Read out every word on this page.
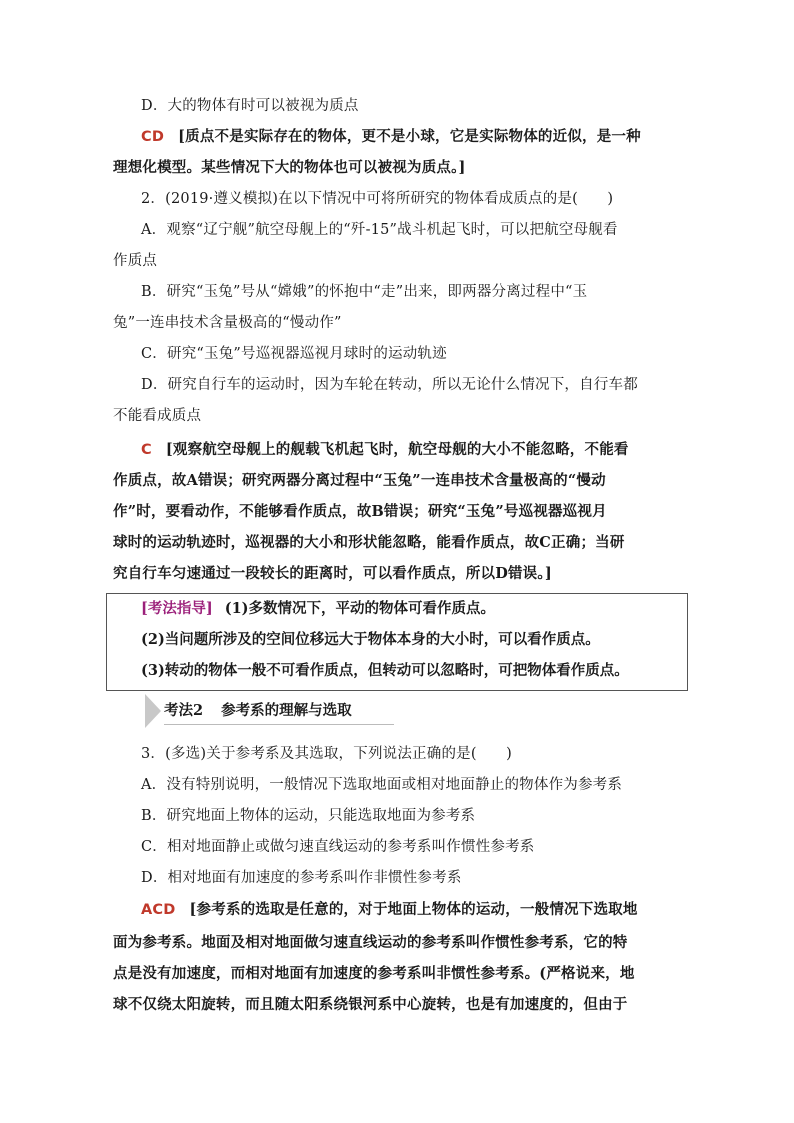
D．大的物体有时可以被视为质点
CD [质点不是实际存在的物体，更不是小球，它是实际物体的近似，是一种
理想化模型。某些情况下大的物体也可以被视为质点。]
2．(2019·遵义模拟)在以下情况中可将所研究的物体看成质点的是(　　)
A．观察“辽宁舰”航空母舰上的“歼-15”战斗机起飞时，可以把航空母舰看
作质点
B．研究“玉兔”号从“嫦娥”的怀抱中“走”出来，即两器分离过程中“玉
兔”一连串技术含量极高的“慢动作”
C．研究“玉兔”号巡视器巡视月球时的运动轨迹
D．研究自行车的运动时，因为车轮在转动，所以无论什么情况下，自行车都
不能看成质点
C [观察航空母舰上的舰载飞机起飞时，航空母舰的大小不能忽略，不能看
作质点，故A错误；研究两器分离过程中“玉兔”一连串技术含量极高的“慢动
作”时，要看动作，不能够看作质点，故B错误；研究“玉兔”号巡视器巡视月
球时的运动轨迹时，巡视器的大小和形状能忽略，能看作质点，故C正确；当研
究自行车匀速通过一段较长的距离时，可以看作质点，所以D错误。]
[考法指导] (1)多数情况下，平动的物体可看作质点。
(2)当问题所涉及的空间位移远大于物体本身的大小时，可以看作质点。
(3)转动的物体一般不可看作质点，但转动可以忽略时，可把物体看作质点。
考法2 参考系的理解与选取
3．(多选)关于参考系及其选取，下列说法正确的是(　　)
A．没有特别说明，一般情况下选取地面或相对地面静止的物体作为参考系
B．研究地面上物体的运动，只能选取地面为参考系
C．相对地面静止或做匀速直线运动的参考系叫作惯性参考系
D．相对地面有加速度的参考系叫作非惯性参考系
ACD [参考系的选取是任意的，对于地面上物体的运动，一般情况下选取地
面为参考系。地面及相对地面做匀速直线运动的参考系叫作惯性参考系，它的特
点是没有加速度，而相对地面有加速度的参考系叫非惯性参考系。(严格说来，地
球不仅绕太阳旋转，而且随太阳系绕银河系中心旋转，也是有加速度的，但由于
